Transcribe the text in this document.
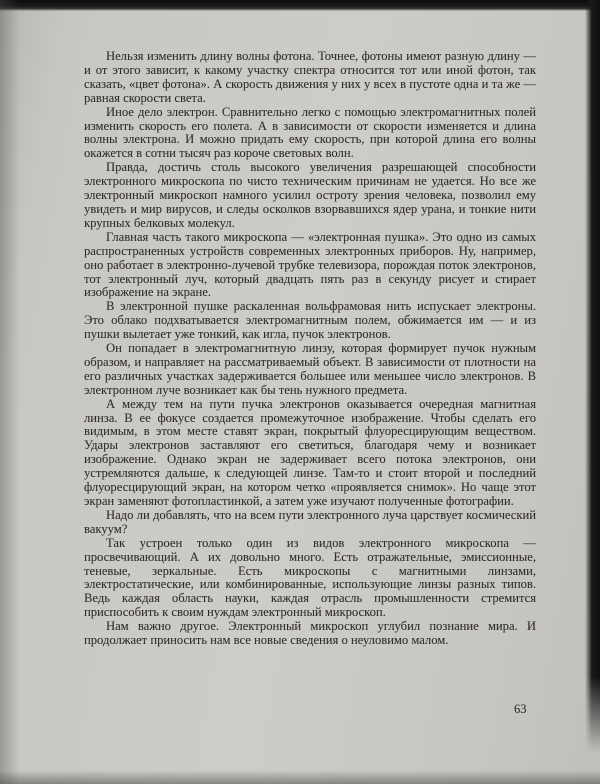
Нельзя изменить длину волны фотона. Точнее, фотоны имеют разную длину — и от этого зависит, к какому участку спектра относится тот или иной фотон, так сказать, «цвет фотона». А скорость движения у них у всех в пустоте одна и та же — равная скорости света.

Иное дело электрон. Сравнительно легко с помощью электромагнитных полей изменить скорость его полета. А в зависимости от скорости изменяется и длина волны электрона. И можно придать ему скорость, при которой длина его волны окажется в сотни тысяч раз короче световых волн.

Правда, достичь столь высокого увеличения разрешающей способности электронного микроскопа по чисто техническим причинам не удается. Но все же электронный микроскоп намного усилил остроту зрения человека, позволил ему увидеть и мир вирусов, и следы осколков взорвавшихся ядер урана, и тонкие нити крупных белковых молекул.

Главная часть такого микроскопа — «электронная пушка». Это одно из самых распространенных устройств современных электронных приборов. Ну, например, оно работает в электронно-лучевой трубке телевизора, порождая поток электронов, тот электронный луч, который двадцать пять раз в секунду рисует и стирает изображение на экране.

В электронной пушке раскаленная вольфрамовая нить испускает электроны. Это облако подхватывается электромагнитным полем, обжимается им — и из пушки вылетает уже тонкий, как игла, пучок электронов.

Он попадает в электромагнитную линзу, которая формирует пучок нужным образом, и направляет на рассматриваемый объект. В зависимости от плотности на его различных участках задерживается большее или меньшее число электронов. В электронном луче возникает как бы тень нужного предмета.

А между тем на пути пучка электронов оказывается очередная магнитная линза. В ее фокусе создается промежуточное изображение. Чтобы сделать его видимым, в этом месте ставят экран, покрытый флуоресцирующим веществом. Удары электронов заставляют его светиться, благодаря чему и возникает изображение. Однако экран не задерживает всего потока электронов, они устремляются дальше, к следующей линзе. Там-то и стоит второй и последний флуоресцирующий экран, на котором четко «проявляется снимок». Но чаще этот экран заменяют фотопластинкой, а затем уже изучают полученные фотографии.

Надо ли добавлять, что на всем пути электронного луча царствует космический вакуум?

Так устроен только один из видов электронного микроскопа — просвечивающий. А их довольно много. Есть отражательные, эмиссионные, теневые, зеркальные. Есть микроскопы с магнитными линзами, электростатические, или комбинированные, использующие линзы разных типов. Ведь каждая область науки, каждая отрасль промышленности стремится приспособить к своим нуждам электронный микроскоп.

Нам важно другое. Электронный микроскоп углубил познание мира. И продолжает приносить нам все новые сведения о неуловимо малом.

63
